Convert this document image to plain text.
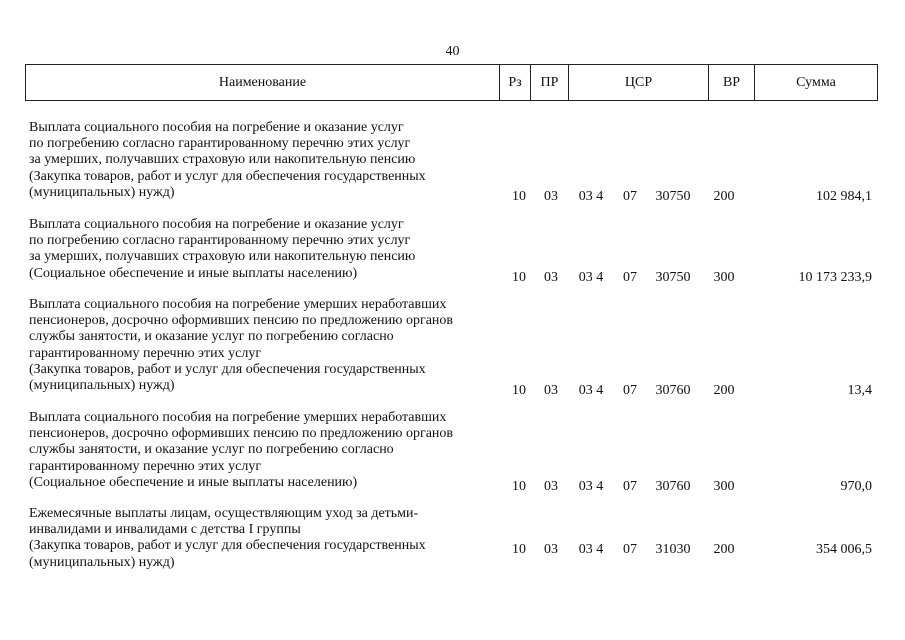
40
Наименование	Рз	ПР	ЦСР	ВР	Сумма
Выплата социального пособия на погребение и оказание услуг
по погребению согласно гарантированному перечню этих услуг
за умерших, получавших страховую или накопительную пенсию
(Закупка товаров, работ и услуг для обеспечения государственных
(муниципальных) нужд)	10	03	03 4	07	30750	200	102 984,1
Выплата социального пособия на погребение и оказание услуг
по погребению согласно гарантированному перечню этих услуг
за умерших, получавших страховую или накопительную пенсию
(Социальное обеспечение и иные выплаты населению)	10	03	03 4	07	30750	300	10 173 233,9
Выплата социального пособия на погребение умерших неработавших
пенсионеров, досрочно оформивших пенсию по предложению органов
службы занятости, и оказание услуг по погребению согласно
гарантированному перечню этих услуг
(Закупка товаров, работ и услуг для обеспечения государственных
(муниципальных) нужд)	10	03	03 4	07	30760	200	13,4
Выплата социального пособия на погребение умерших неработавших
пенсионеров, досрочно оформивших пенсию по предложению органов
службы занятости, и оказание услуг по погребению согласно
гарантированному перечню этих услуг
(Социальное обеспечение и иные выплаты населению)	10	03	03 4	07	30760	300	970,0
Ежемесячные выплаты лицам, осуществляющим уход за детьми-
инвалидами и инвалидами с детства I группы
(Закупка товаров, работ и услуг для обеспечения государственных
(муниципальных) нужд)
10	03	03 4	07	31030	200	354 006,5
